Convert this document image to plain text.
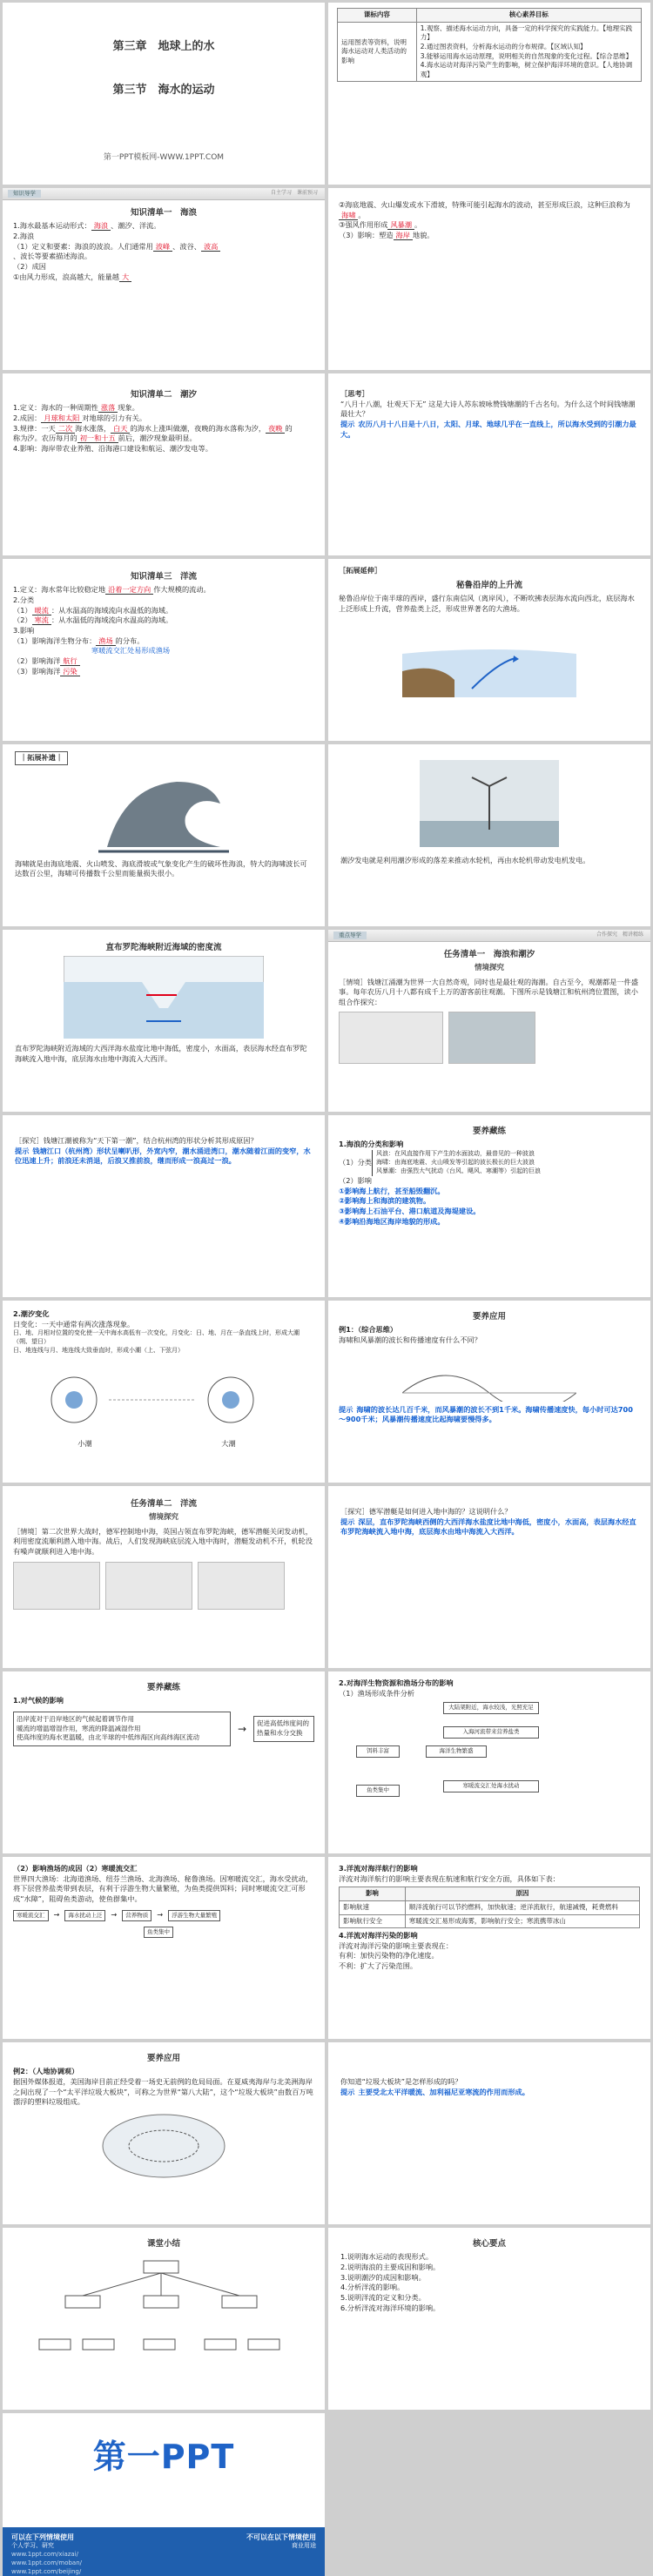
第三章　地球上的水
第三节　海水的运动
第一PPT模板网-WWW.1PPT.COM
课标内容	核心素养目标
运用图表等资料，说明海水运动对人类活动的影响	1.观察、描述海水运动方向，具备一定的科学探究的实践能力。【地理实践力】
2.通过图表资料，分析海水运动的分布规律。【区域认知】
3.能够运用海水运动原理，说明相关的自然现象的变化过程。【综合思维】
4.海水运动对海洋污染产生的影响，树立保护海洋环境的意识。【人地协调观】
知识导学	自主学习　课前预习
知识清单一　海浪
1.海水最基本运动形式： 海浪 、潮汐、洋流。
2.海浪
（1）定义和要素：海浪的波浪。人们通常用 波峰 、波谷、 波高
、波长等要素描述海浪。
（2）成因
①由风力形成，浪高越大，能量越 大
②海底地震、火山爆发或水下滑坡，特殊可能引起海水的波动，甚至形成巨浪，这种巨浪称为海啸 。
③强风作用形成 风暴潮 。
（3）影响：塑造 海岸 地貌。
知识清单二　潮汐
1.定义：海水的一种周期性 涨落 现象。
2.成因： 月球和太阳 对地球的引力有关。
3.规律：一天 二次 海水涨落， 白天 的海水上涨叫做潮，夜晚的海水落称为汐， 夜晚 的
称为汐。农历每月的 初一和十五 前后，潮汐现象最明显。
4.影响：海岸带农业养殖、沿海港口建设和航运、潮汐发电等。
［思考］
“八月十八潮，壮观天下无” 这是大诗人苏东坡咏赞钱塘潮的千古名句。为什么这个时间钱塘潮最壮大？
提示 农历八月十八日是十八日，太阳、月球、地球几乎在一直线上，所以海水受到的引潮力最大。
知识清单三　洋流
1.定义：海水常年比较稳定地 沿着一定方向 作大规模的流动。
2.分类
（1） 暖流 ：从水温高的海域流向水温低的海域。
（2） 寒流 ：从水温低的海域流向水温高的海域。
3.影响
（1）影响海洋生物分布： 渔场 的分布。
寒暖流交汇处易形成渔场
（2）影响海洋 航行
（3）影响海洋 污染
［拓展延伸］
秘鲁沿岸的上升流
秘鲁沿岸位于南半球的西岸，盛行东南信风（离岸风），不断吹拂表层海水流向西北，底层海水上泛形成上升流，营养盐类上泛，形成世界著名的大渔场。
｜拓展补遗｜
海啸就是由海底地震、火山喷发、海底滑坡或气象变化产生的破坏性海浪，特大的海啸波长可达数百公里，海啸可传播数千公里而能量损失很小。
潮汐发电就是利用潮汐形成的落差来推动水轮机，再由水轮机带动发电机发电。
直布罗陀海峡附近海域的密度流
直布罗陀海峡附近海域的大西洋海水盐度比地中海低，密度小，水面高，表层海水经直布罗陀海峡流入地中海，底层海水由地中海流入大西洋。
重点导学	合作探究　精讲精练
任务清单一　海浪和潮汐
情境探究
［情境］钱塘江涌潮为世界一大自然奇观，同时也是最壮观的海潮。自古至今，观潮都是一件盛事。每年农历八月十八都有成千上万的游客前往观潮。下图所示是钱塘江和杭州湾位置图，读小组合作探究：
［探究］钱塘江潮被称为“天下第一潮”，结合杭州湾的形状分析其形成原因？
提示 钱塘江口（杭州湾）形状呈喇叭形，外宽内窄，潮水涌进湾口，潮水随着江面的变窄，水位迅速上升；前浪还未消退，后浪又推前浪，继而形成一浪高过一浪。
要养藏练
1.海浪的分类和影响
（1）分类
风浪：在风直接作用下产生的水面波动，最普见的一种波浪
海啸：由海底地震、火山喷发等引起的波长极长的巨大波浪
风暴潮：由强烈大气扰动（台风、飓风、寒潮等）引起的巨浪
（2）影响
①影响海上航行，甚至船毁翻沉。
②影响海上和海滨的建筑物。
③影响海上石油平台、港口航道及海堤建设。
④影响沿海地区海岸地貌的形成。
2.潮汐变化
日变化：一天中通常有两次涨落现象。
日、地、月相对位置的变化使一天中海水高低有一次变化，月变化：日、地、月在一条直线上时，形成大潮（朔、望日）
日、地连线与月、地连线大致垂直时，形成小潮（上、下弦月）
小潮	大潮
要养应用
例1：（综合思维）
海啸和风暴潮的波长和传播速度有什么不同？
提示 海啸的波长达几百千米，而风暴潮的波长不到1千米。海啸传播速度快，每小时可达700～900千米；风暴潮传播速度比起海啸要慢得多。
任务清单二　洋流
情境探究
［情境］第二次世界大战时，德军控制地中海，英国占领直布罗陀海峡，德军潜艇关闭发动机，利用密度流顺利潜入地中海。战后，人们发现海峡底层流入地中海时，潜艇发动机不开，机轮没有噪声就顺利进入地中海。
［探究］德军潜艇是如何进入地中海的？这说明什么？
提示 深层，直布罗陀海峡西侧的大西洋海水盐度比地中海低，密度小，水面高，表层海水经直布罗陀海峡流入地中海，底层海水由地中海流入大西洋。
要养藏练
1.对气候的影响
沿岸流对于沿岸地区的气候起着调节作用
暖流的增温增湿作用，寒流的降温减湿作用
使高纬度的海水更温暖，由北半球的中低纬海区向高纬海区流动
→	促进高低纬度间的热量和水分交换
2.对海洋生物资源和渔场分布的影响
（1）渔场形成条件分析
大陆架附近，海水较浅，光照充足
饵料丰富	海洋生物繁盛
入海河流带来营养盐类
寒暖流交汇处海水扰动
鱼类集中
（2）影响渔场的成因（2）寒暖流交汇
世界四大渔场：北海道渔场、纽芬兰渔场、北海渔场、秘鲁渔场。因寒暖流交汇，海水受扰动，将下层营养盐类带到表层，有利于浮游生物大量繁殖，为鱼类提供饵料；同时寒暖流交汇可形成“水障”，阻碍鱼类游动，使鱼群集中。
寒暖流交汇	→	海水扰动上泛	→	营养物质	→	浮游生物大量繁殖
鱼类集中
3.洋流对海洋航行的影响
洋流对海洋航行的影响主要表现在航速和航行安全方面，具体如下表：
影响	原因
影响航速	顺洋流航行可以节约燃料，加快航速；逆洋流航行，航速减慢，耗费燃料
影响航行安全	寒暖流交汇易形成海雾，影响航行安全；寒流携带冰山
4.洋流对海洋污染的影响
洋流对海洋污染的影响主要表现在：
有利：加快污染物的净化速度。
不利：扩大了污染范围。
要养应用
例2：（人地协调观）
据国外媒体报道，美国海岸目前正经受着一场史无前例的危局局面。在夏威夷海岸与北美洲海岸之间出现了一个“太平洋垃圾大板块”，可称之为世界“第八大陆”，这个“垃圾大板块”由数百万吨漂浮的塑料垃圾组成。
你知道“垃圾大板块”是怎样形成的吗？
提示 主要受北太平洋暖流、加利福尼亚寒流的作用而形成。
课堂小结	核心要点
1.说明海水运动的表现形式。
2.说明海浪的主要成因和影响。
3.说明潮汐的成因和影响。
4.分析洋流的影响。
5.说明洋流的定义和分类。
6.分析洋流对海洋环境的影响。
第一PPT
可以在下列情境使用	不可以在以下情境使用
个人学习、研究	商业用途
www.1ppt.com/xiazai/
www.1ppt.com/moban/
www.1ppt.com/beijing/
